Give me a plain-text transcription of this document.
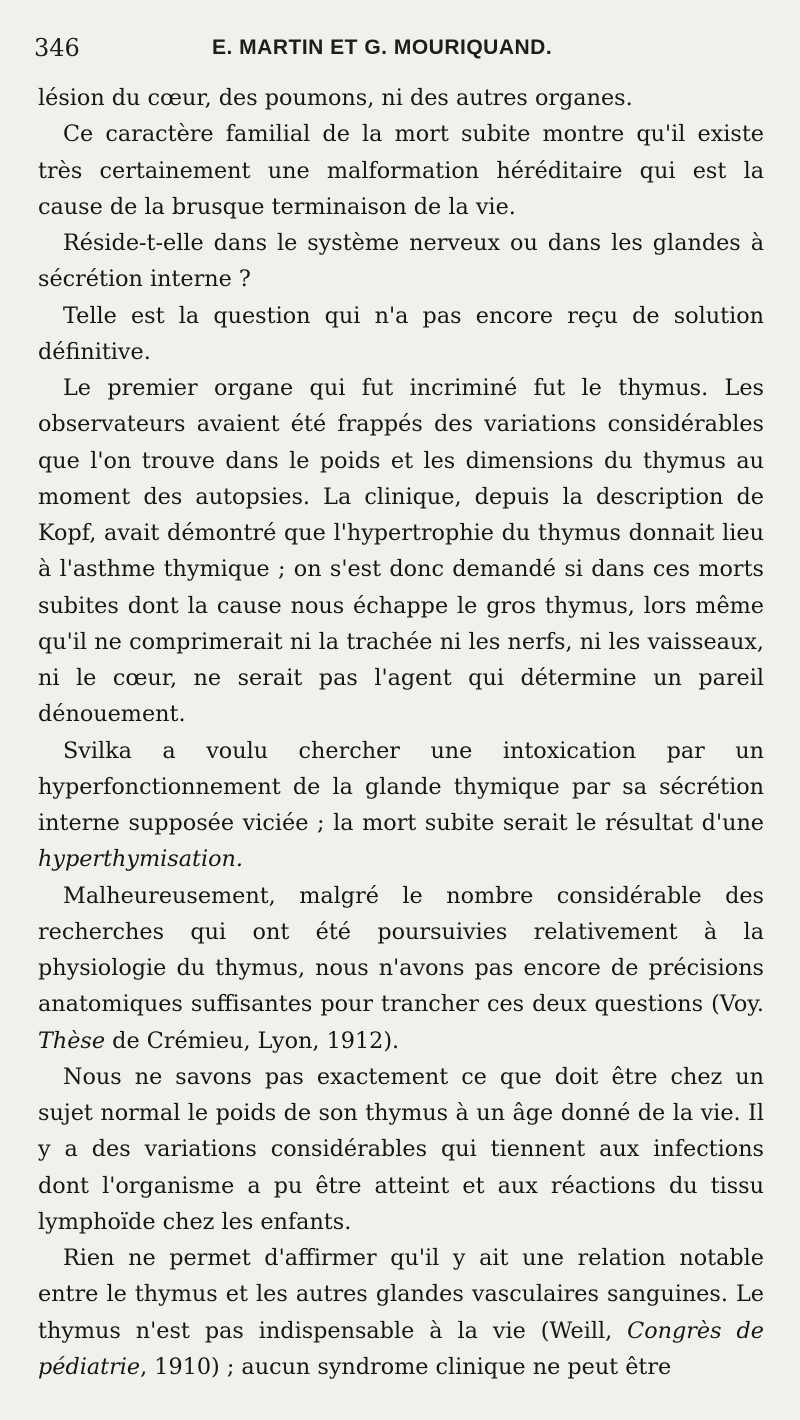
346	E. MARTIN ET G. MOURIQUAND.

lésion du cœur, des poumons, ni des autres organes.

Ce caractère familial de la mort subite montre qu'il existe très certainement une malformation héréditaire qui est la cause de la brusque terminaison de la vie.

Réside-t-elle dans le système nerveux ou dans les glandes à sécrétion interne ?

Telle est la question qui n'a pas encore reçu de solution définitive.

Le premier organe qui fut incriminé fut le thymus. Les observateurs avaient été frappés des variations considérables que l'on trouve dans le poids et les dimensions du thymus au moment des autopsies. La clinique, depuis la description de Kopf, avait démontré que l'hypertrophie du thymus donnait lieu à l'asthme thymique ; on s'est donc demandé si dans ces morts subites dont la cause nous échappe le gros thymus, lors même qu'il ne comprimerait ni la trachée ni les nerfs, ni les vaisseaux, ni le cœur, ne serait pas l'agent qui détermine un pareil dénouement.

Svilka a voulu chercher une intoxication par un hyperfonctionnement de la glande thymique par sa sécrétion interne supposée viciée ; la mort subite serait le résultat d'une hyperthymisation.

Malheureusement, malgré le nombre considérable des recherches qui ont été poursuivies relativement à la physiologie du thymus, nous n'avons pas encore de précisions anatomiques suffisantes pour trancher ces deux questions (Voy. Thèse de Crémieu, Lyon, 1912).

Nous ne savons pas exactement ce que doit être chez un sujet normal le poids de son thymus à un âge donné de la vie. Il y a des variations considérables qui tiennent aux infections dont l'organisme a pu être atteint et aux réactions du tissu lymphoïde chez les enfants.

Rien ne permet d'affirmer qu'il y ait une relation notable entre le thymus et les autres glandes vasculaires sanguines. Le thymus n'est pas indispensable à la vie (Weill, Congrès de pédiatrie, 1910) ; aucun syndrome clinique ne peut être
